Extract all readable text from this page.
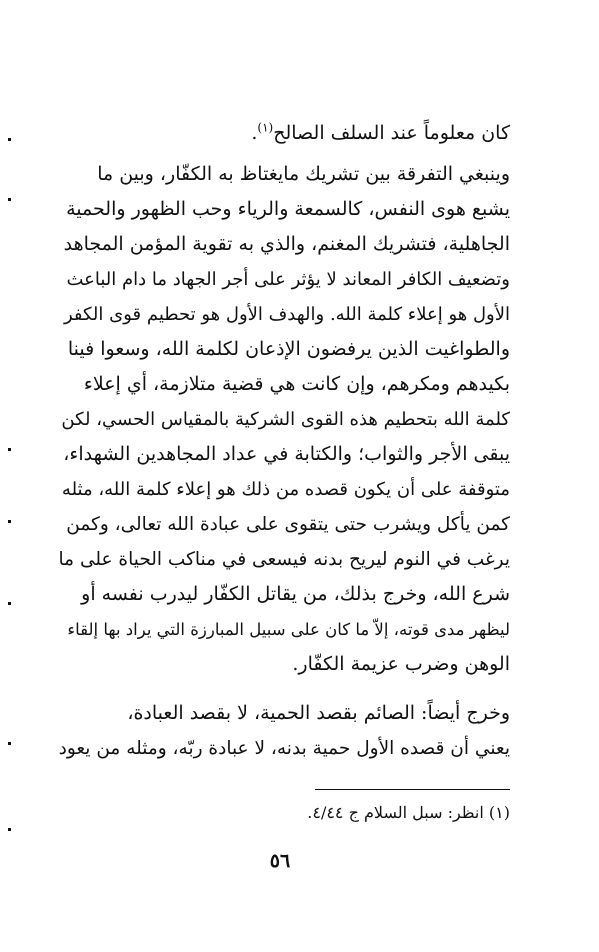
كان معلوماً عند السلف الصالح$^{(١)}$.

وينبغي التفرقة بين تشريك مايغتاظ به الكفّار، وبين ما
يشبع هوى النفس، كالسمعة والرياء وحب الظهور والحمية
الجاهلية، فتشريك المغنم، والذي به تقوية المؤمن المجاهد
وتضعيف الكافر المعاند لا يؤثر على أجر الجهاد ما دام الباعث
الأول هو إعلاء كلمة الله. والهدف الأول هو تحطيم قوى الكفر
والطواغيت الذين يرفضون الإذعان لكلمة الله، وسعوا فينا
بكيدهم ومكرهم، وإن كانت هي قضية متلازمة، أي إعلاء
كلمة الله بتحطيم هذه القوى الشركية بالمقياس الحسي، لكن
يبقى الأجر والثواب؛ والكتابة في عداد المجاهدين الشهداء،
متوقفة على أن يكون قصده من ذلك هو إعلاء كلمة الله، مثله
كمن يأكل ويشرب حتى يتقوى على عبادة الله تعالى، وكمن
يرغب في النوم ليريح بدنه فيسعى في مناكب الحياة على ما
شرع الله، وخرج بذلك، من يقاتل الكفّار ليدرب نفسه أو
ليظهر مدى قوته، إلاّ ما كان على سبيل المبارزة التي يراد بها إلقاء
الوهن وضرب عزيمة الكفّار.

وخرج أيضاً: الصائم بقصد الحمية، لا بقصد العبادة،
يعني أن قصده الأول حمية بدنه، لا عبادة ربّه، ومثله من يعود

(١) انظر: سبل السلام ج ٤/٤٤.
٥٦
